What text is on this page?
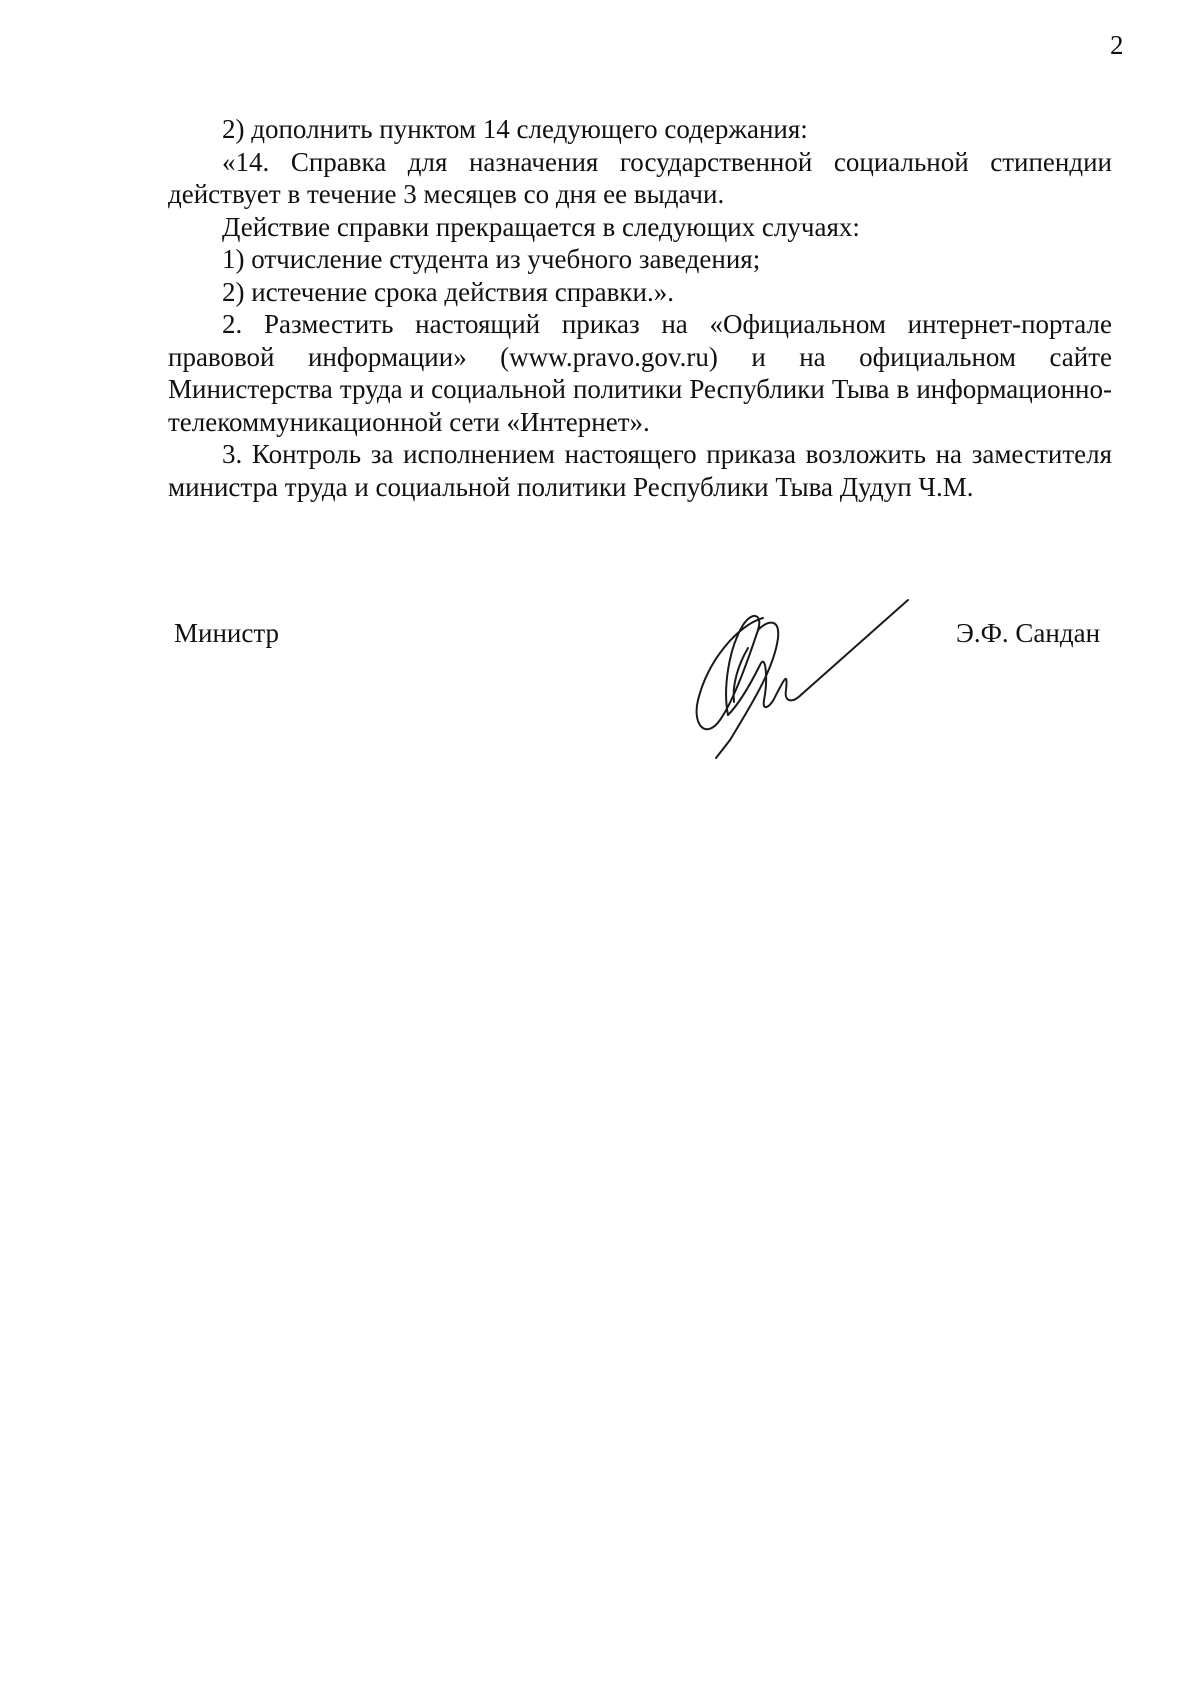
2

2) дополнить пунктом 14 следующего содержания:

«14. Справка для назначения государственной социальной стипендии действует в течение 3 месяцев со дня ее выдачи.

Действие справки прекращается в следующих случаях:

1) отчисление студента из учебного заведения;

2) истечение срока действия справки.».

2. Разместить настоящий приказ на «Официальном интернет-портале правовой информации» (www.pravo.gov.ru) и на официальном сайте Министерства труда и социальной политики Республики Тыва в информационно-телекоммуникационной сети «Интернет».

3. Контроль за исполнением настоящего приказа возложить на заместителя министра труда и социальной политики Республики Тыва Дудуп Ч.М.

Министр	Э.Ф. Сандан
